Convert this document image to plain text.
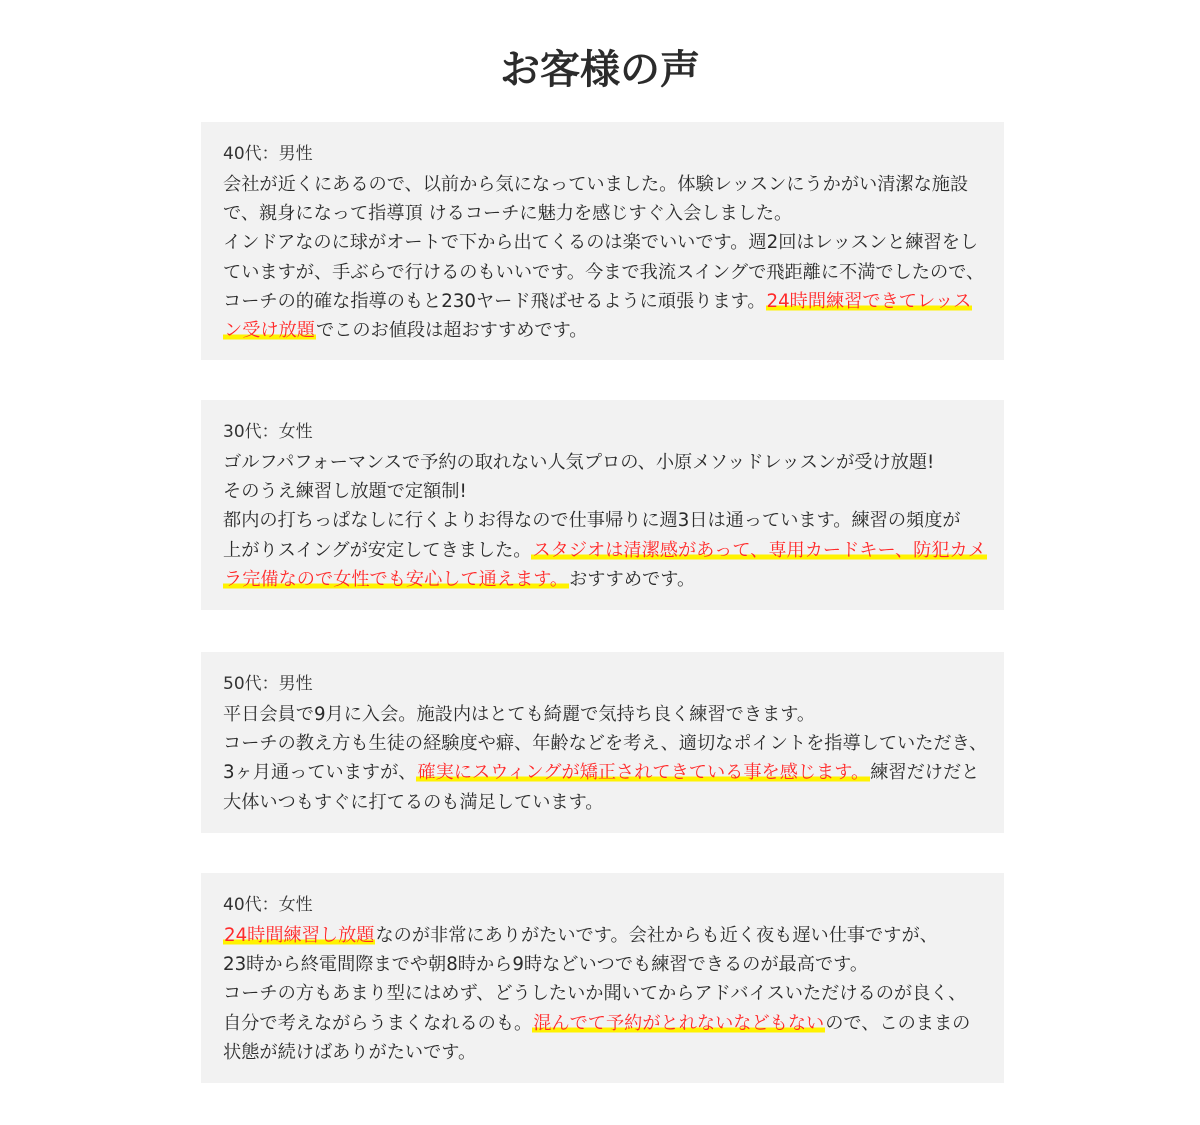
お客様の声
40代：男性
会社が近くにあるので、以前から気になっていました。体験レッスンにうかがい清潔な施設
で、親身になって指導頂 けるコーチに魅力を感じすぐ入会しました。
インドアなのに球がオートで下から出てくるのは楽でいいです。週2回はレッスンと練習をし
ていますが、手ぶらで行けるのもいいです。今まで我流スイングで飛距離に不満でしたので、
コーチの的確な指導のもと230ヤード飛ばせるように頑張ります。24時間練習できてレッス
ン受け放題でこのお値段は超おすすめです。
30代：女性
ゴルフパフォーマンスで予約の取れない人気プロの、小原メソッドレッスンが受け放題!
そのうえ練習し放題で定額制!
都内の打ちっぱなしに行くよりお得なので仕事帰りに週3日は通っています。練習の頻度が
上がりスイングが安定してきました。スタジオは清潔感があって、専用カードキー、防犯カメ
ラ完備なので女性でも安心して通えます。おすすめです。
50代：男性
平日会員で9月に入会。施設内はとても綺麗で気持ち良く練習できます。
コーチの教え方も生徒の経験度や癖、年齢などを考え、適切なポイントを指導していただき、
3ヶ月通っていますが、確実にスウィングが矯正されてきている事を感じます。練習だけだと
大体いつもすぐに打てるのも満足しています。
40代：女性
24時間練習し放題なのが非常にありがたいです。会社からも近く夜も遅い仕事ですが、
23時から終電間際までや朝8時から9時などいつでも練習できるのが最高です。
コーチの方もあまり型にはめず、どうしたいか聞いてからアドバイスいただけるのが良く、
自分で考えながらうまくなれるのも。混んでて予約がとれないなどもないので、このままの
状態が続けばありがたいです。
